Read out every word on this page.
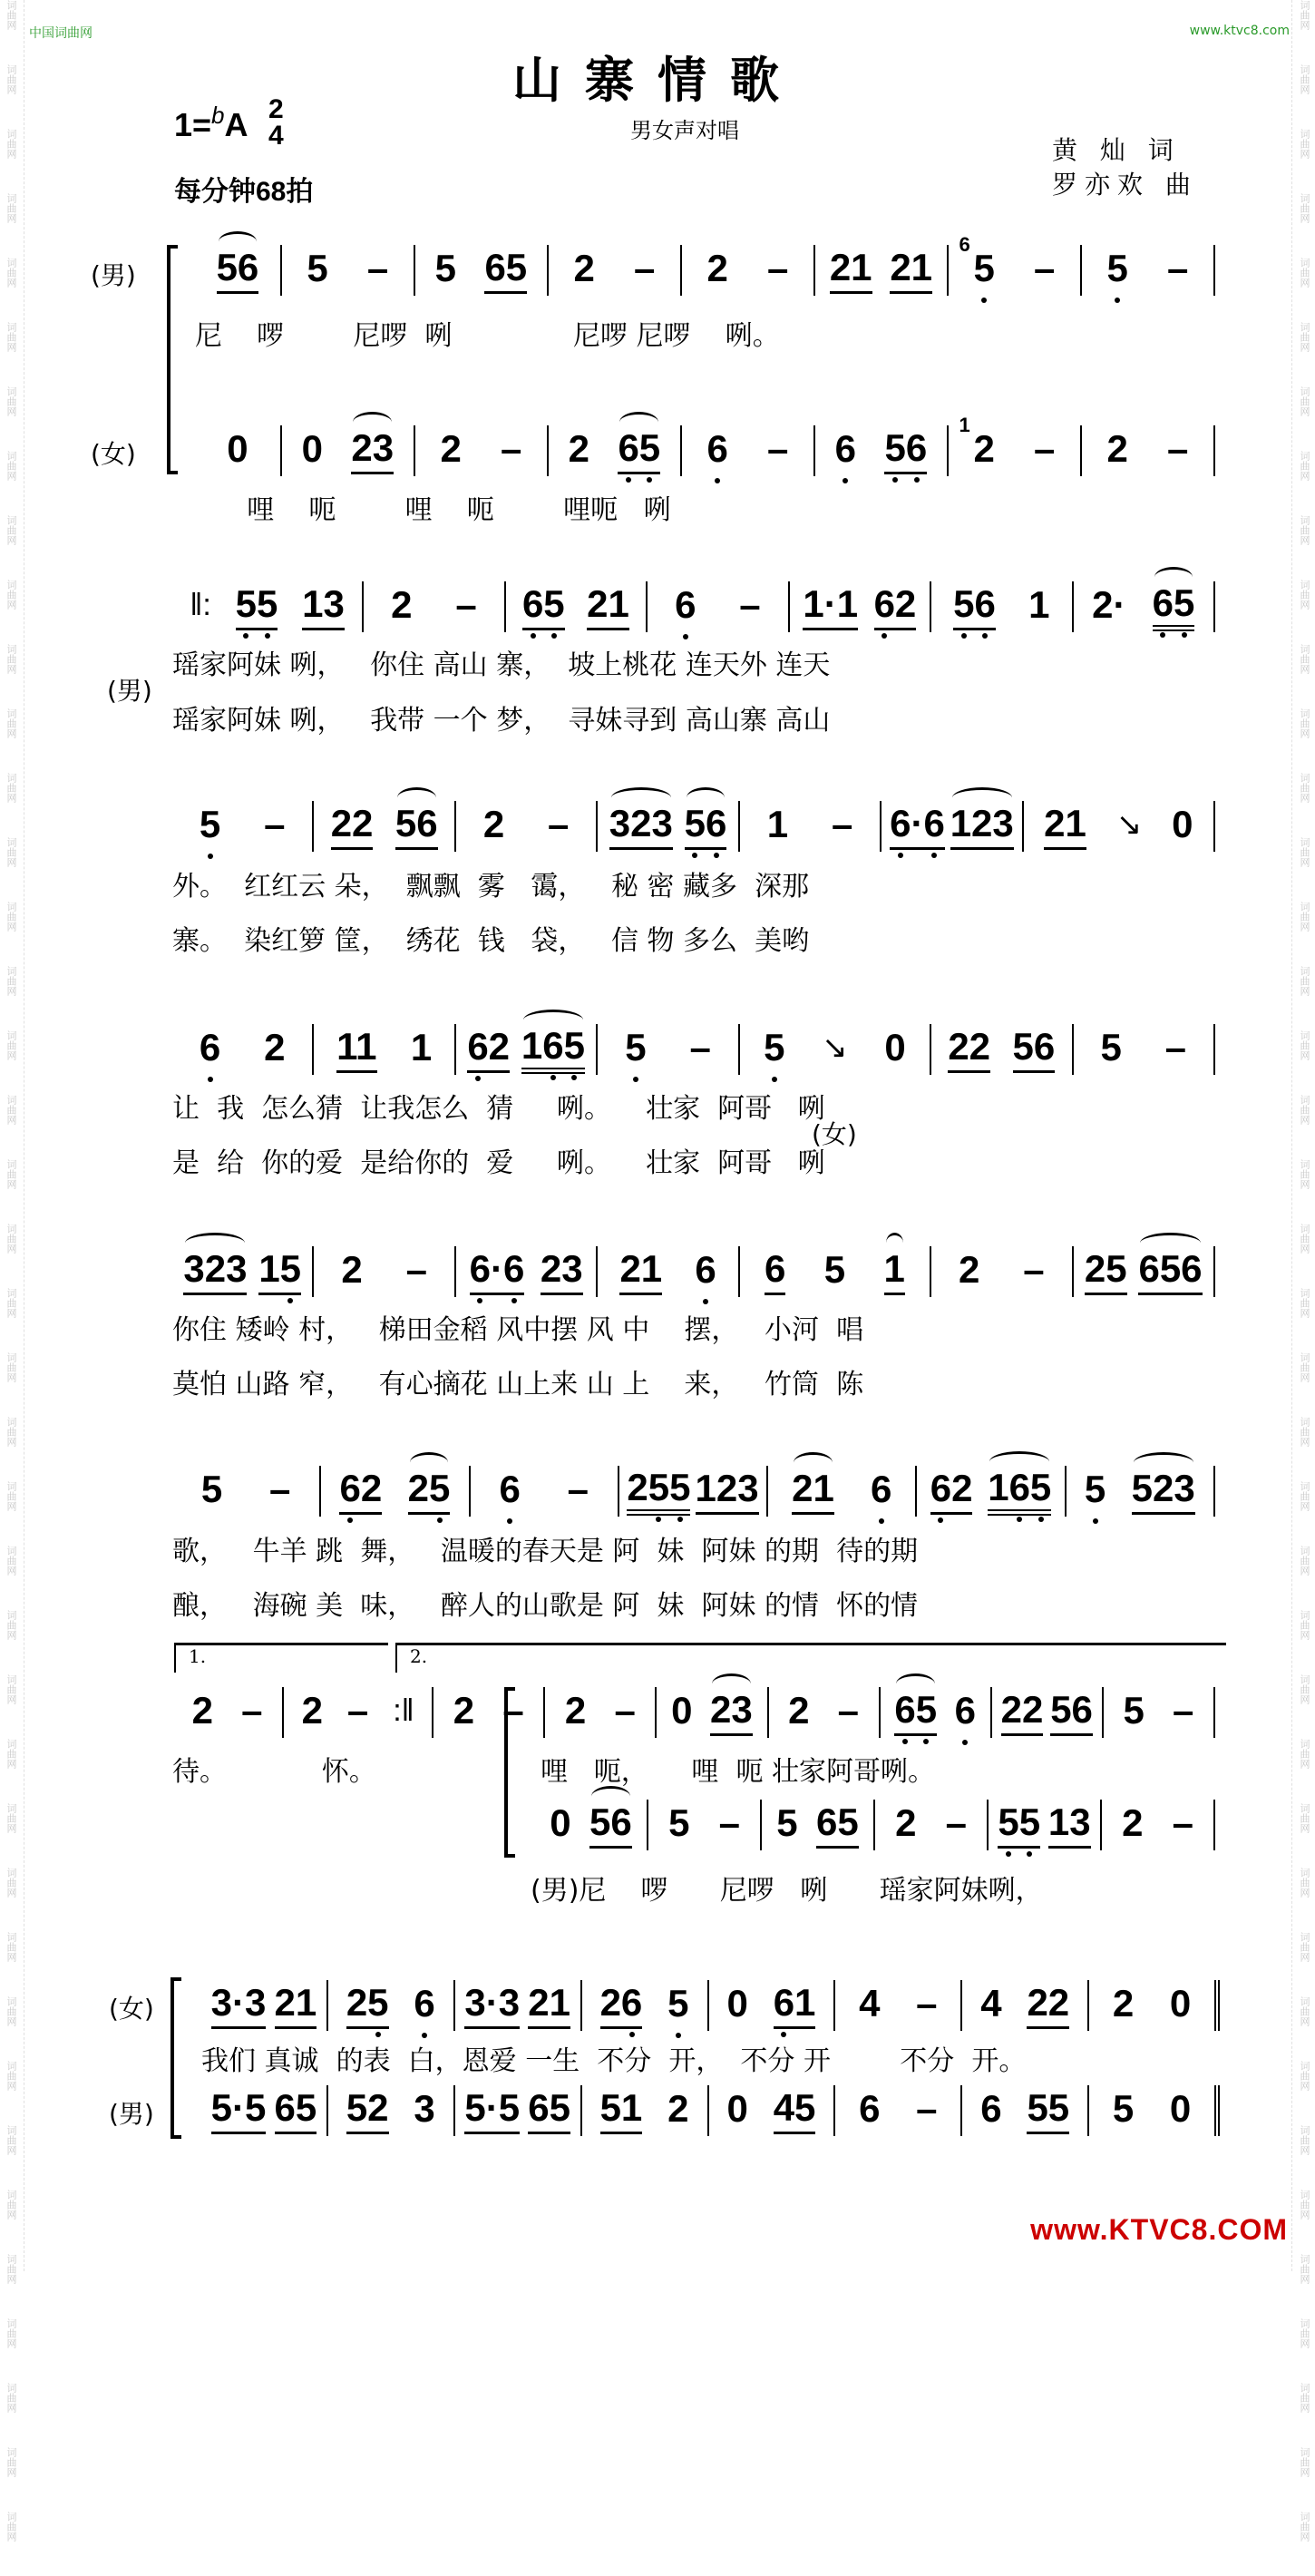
词曲网
词曲网
词曲网
词曲网
词曲网
词曲网
词曲网
词曲网
词曲网
词曲网
词曲网
词曲网
词曲网
词曲网
词曲网
词曲网
词曲网
词曲网
词曲网
词曲网
词曲网
词曲网
词曲网
词曲网
词曲网
词曲网
词曲网
词曲网
词曲网
词曲网
词曲网
词曲网
词曲网
词曲网
词曲网
词曲网
词曲网
词曲网
词曲网
词曲网
词曲网
词曲网
词曲网
词曲网
词曲网
词曲网
词曲网
词曲网
词曲网
词曲网
词曲网
词曲网
词曲网
词曲网
词曲网
词曲网
词曲网
词曲网
词曲网
词曲网
词曲网
词曲网
词曲网
词曲网
词曲网
词曲网
词曲网
词曲网
词曲网
词曲网
词曲网
词曲网
词曲网
词曲网
词曲网
词曲网
词曲网
词曲网
词曲网
词曲网
中国词曲网	www.ktvc8.com
山寨情歌
1=$^b$A 2
4	男女声对唱
黄 灿 词
罗亦欢 曲
每分钟68拍
1.	2.
56 5 – 5 65 2 – 2 – 21 21
6
5 – 5 –
尼    啰        尼啰  咧              尼啰 尼啰    咧。
(男)
0 0 23 2 – 2 65 6 – 6 56
1
2 – 2 –
哩    呃        哩    呃        哩呃   咧
(女)
‖: 55 13 2 – 65 21 6 – 1·1 62 56 1 2· 65
瑶家阿妹 咧，   你住 高山 寨，  坡上桃花 连天外 连天
瑶家阿妹 咧，   我带 一个 梦，  寻妹寻到 高山寨 高山
(男)
5 – 22 56 2 – 323 56 1 – 6·6 123 21 ↘ 0
外。  红红云 朵，  飘飘  雾   霭，   秘 密 藏多  深那
寨。  染红箩 筐，  绣花  钱   袋，   信 物 多么  美哟
6 2 11 1 62 165 5 – 5 ↘ 0 22 56 5 –
让  我  怎么猜  让我怎么  猜     咧。    壮家  阿哥   咧
是  给  你的爱  是给你的  爱     咧。    壮家  阿哥   咧
(女)
323 15 2 – 6·6 23 21 6 6 5 1 2 – 25 656
你住 矮岭 村，   梯田金稻 风中摆 风 中    摆，   小河  唱
莫怕 山路 窄，   有心摘花 山上来 山 上    来，   竹筒  陈
5 – 62 25 6 – 255 123 21 6 62 165 5 523
歌，   牛羊 跳  舞，   温暖的春天是 阿  妹  阿妹 的期  待的期
酿，   海碗 美  味，   醉人的山歌是 阿  妹  阿妹 的情  怀的情
2 – 2 – :‖ 2 – 2 – 0 23 2 – 65 6 22 56 5 –
待。           怀。                   哩   呃，     哩  呃 壮家阿哥咧。
0 56 5 – 5 65 2 – 55 13 2 –
(男)尼    啰      尼啰   咧      瑶家阿妹咧，
3·3 21 25 6 3·3 21 26 5 0 61 4 – 4 22 2 0
我们 真诚  的表  白，恩爱 一生  不分  开，  不分 开        不分  开。
(女)
5·5 65 52 3 5·5 65 51 2 0 45 6 – 6 55 5 0
(男)
www.KTVC8.COM
